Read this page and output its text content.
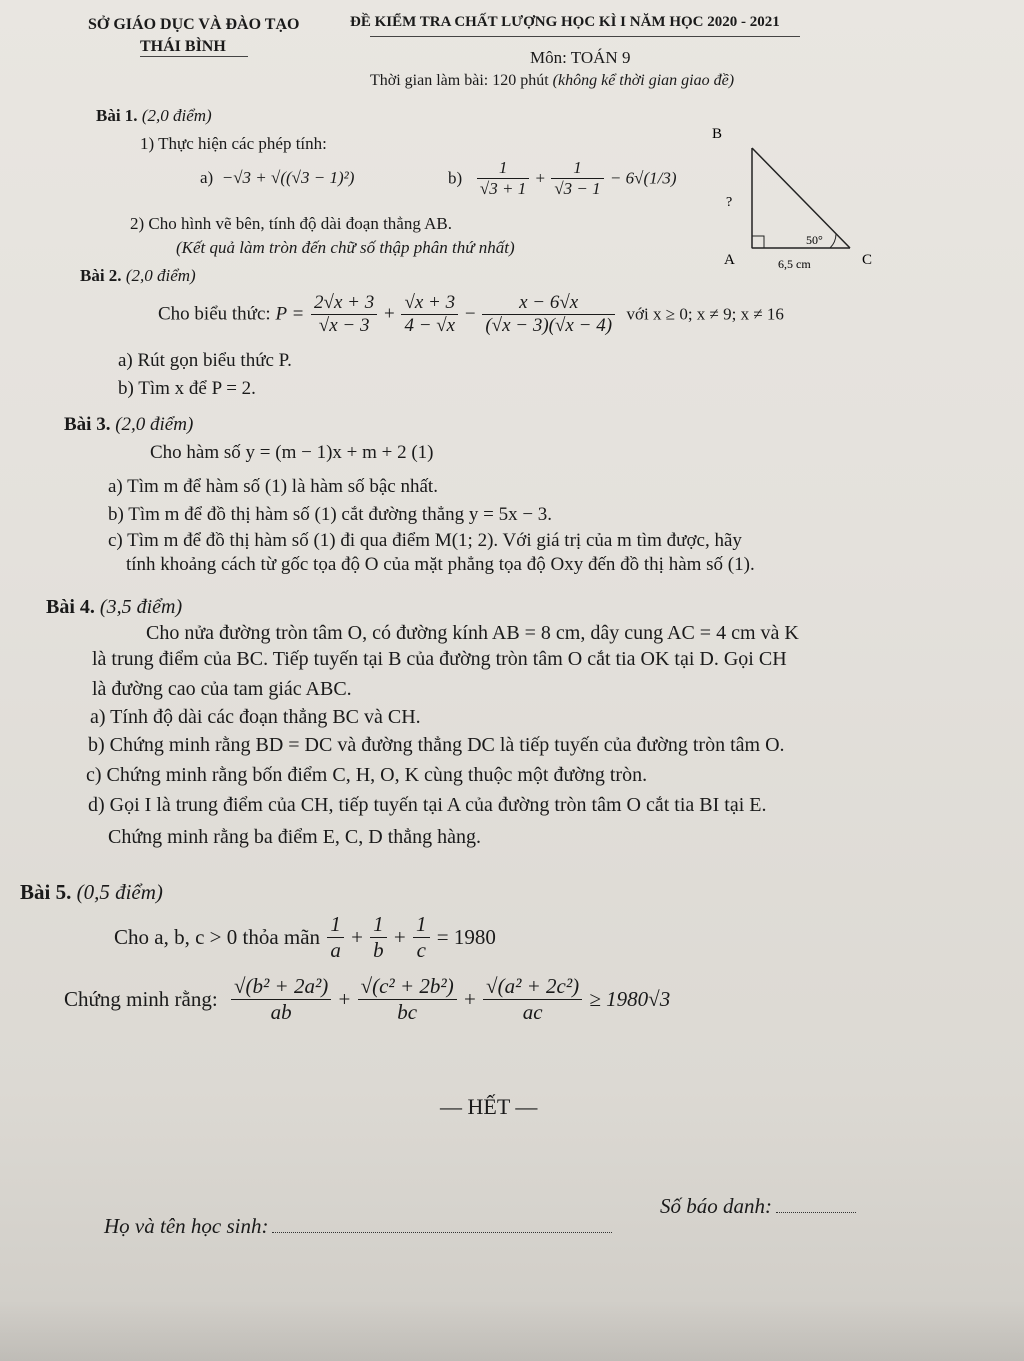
SỞ GIÁO DỤC VÀ ĐÀO TẠO
THÁI BÌNH
ĐỀ KIỂM TRA CHẤT LƯỢNG HỌC KÌ I NĂM HỌC 2020 - 2021
Môn: TOÁN 9
Thời gian làm bài: 120 phút (không kể thời gian giao đề)
Bài 1. (2,0 điểm)
1) Thực hiện các phép tính:
a) −√3 + √((√3 − 1)²)	$b) \frac{1}{√3 + 1} + \frac{1}{√3 - 1} - 6√(1/3)$
2) Cho hình vẽ bên, tính độ dài đoạn thẳng AB.
(Kết quả làm tròn đến chữ số thập phân thứ nhất)
B
?
A	C
50°
6,5 cm
Bài 2. (2,0 điểm)
Cho biểu thức: $P = \frac{2√x + 3}{√x - 3} + \frac{√x + 3}{4 - √x} - \frac{x - 6√x}{(√x - 3)(√x - 4)}$ với x ≥ 0; x ≠ 9; x ≠ 16
a) Rút gọn biểu thức P.
b) Tìm x để P = 2.
Bài 3. (2,0 điểm)
Cho hàm số y = (m − 1)x + m + 2 (1)
a) Tìm m để hàm số (1) là hàm số bậc nhất.
b) Tìm m để đồ thị hàm số (1) cắt đường thẳng y = 5x − 3.
c) Tìm m để đồ thị hàm số (1) đi qua điểm M(1; 2). Với giá trị của m tìm được, hãy
tính khoảng cách từ gốc tọa độ O của mặt phẳng tọa độ Oxy đến đồ thị hàm số (1).
Bài 4. (3,5 điểm)
Cho nửa đường tròn tâm O, có đường kính AB = 8 cm, dây cung AC = 4 cm và K
là trung điểm của BC. Tiếp tuyến tại B của đường tròn tâm O cắt tia OK tại D. Gọi CH
là đường cao của tam giác ABC.
a) Tính độ dài các đoạn thẳng BC và CH.
b) Chứng minh rằng BD = DC và đường thẳng DC là tiếp tuyến của đường tròn tâm O.
c) Chứng minh rằng bốn điểm C, H, O, K cùng thuộc một đường tròn.
d) Gọi I là trung điểm của CH, tiếp tuyến tại A của đường tròn tâm O cắt tia BI tại E.
Chứng minh rằng ba điểm E, C, D thẳng hàng.
Bài 5. (0,5 điểm)
Cho a, b, c > 0 thỏa mãn $\frac{1}{a} + \frac{1}{b} + \frac{1}{c} = 1980$
Chứng minh rằng: $\frac{\text{√(b² + 2a²)}}{ab} + \frac{\text{√(c² + 2b²)}}{bc} + \frac{\text{√(a² + 2c²)}}{ac} \ge 1980√3$
— HẾT —
Họ và tên học sinh:
Số báo danh:
